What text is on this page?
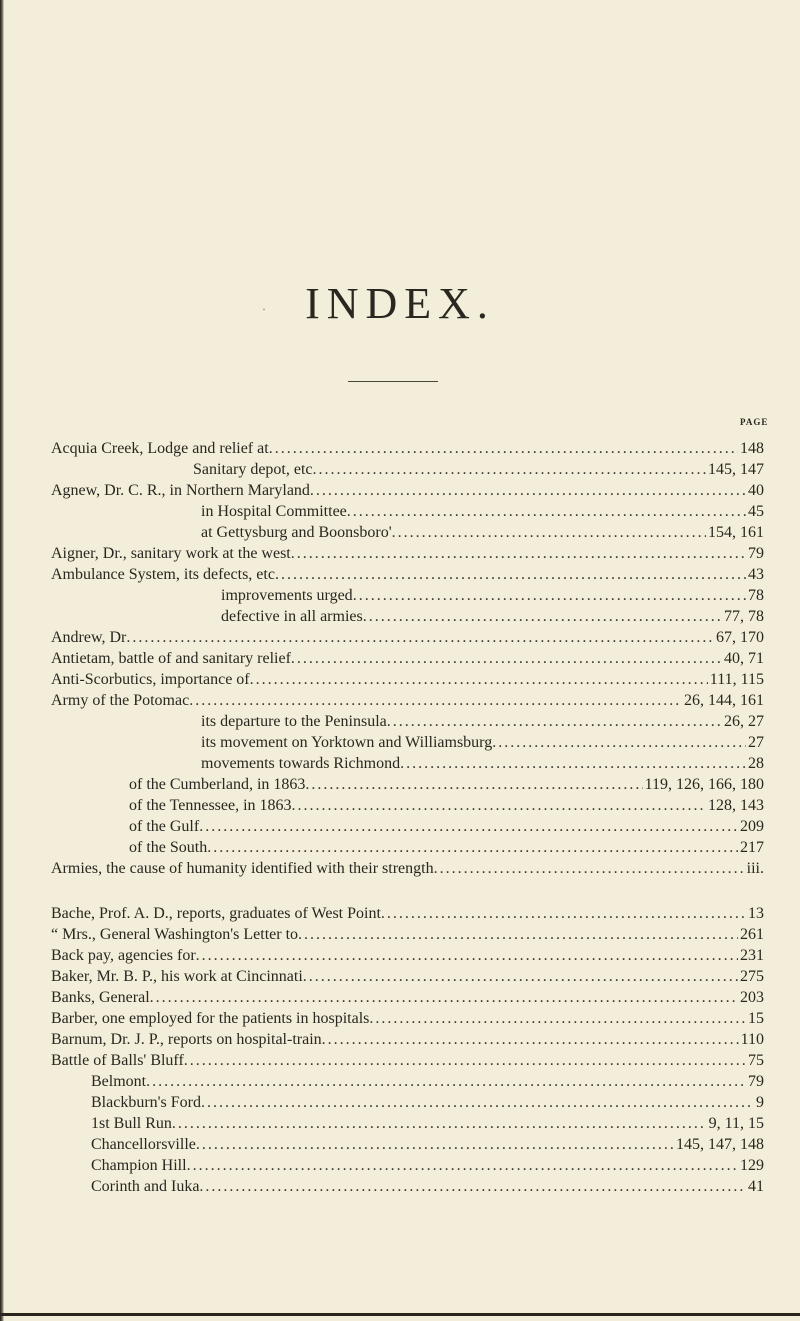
INDEX.
·
PAGE
Acquia Creek, Lodge and relief at . . .	148
Sanitary depot, etc . . .	145, 147
Agnew, Dr. C. R., in Northern Maryland . . .	40
in Hospital Committee . . .	45
at Gettysburg and Boonsboro' . . .	154, 161
Aigner, Dr., sanitary work at the west . . .	79
Ambulance System, its defects, etc . . .	43
improvements urged . . .	78
defective in all armies . . .	77, 78
Andrew, Dr . . .	67, 170
Antietam, battle of and sanitary relief . . .	40, 71
Anti-Scorbutics, importance of . . .	111, 115
Army of the Potomac . . .	26, 144, 161
its departure to the Peninsula . . .	26, 27
its movement on Yorktown and Williamsburg . . .	27
movements towards Richmond . . .	28
of the Cumberland, in 1863 . . .	119, 126, 166, 180
of the Tennessee, in 1863 . . .	128, 143
of the Gulf . . .	209
of the South . . .	217
Armies, the cause of humanity identified with their strength . . .	iii.
Bache, Prof. A. D., reports, graduates of West Point . . .	13
“ Mrs., General Washington's Letter to . . .	261
Back pay, agencies for . . .	231
Baker, Mr. B. P., his work at Cincinnati . . .	275
Banks, General . . .	203
Barber, one employed for the patients in hospitals . . .	15
Barnum, Dr. J. P., reports on hospital-train . . .	110
Battle of Balls' Bluff . . .	75
Belmont . . .	79
Blackburn's Ford . . .	9
1st Bull Run . . .	9, 11, 15
Chancellorsville . . .	145, 147, 148
Champion Hill . . .	129
Corinth and Iuka . . .	41
